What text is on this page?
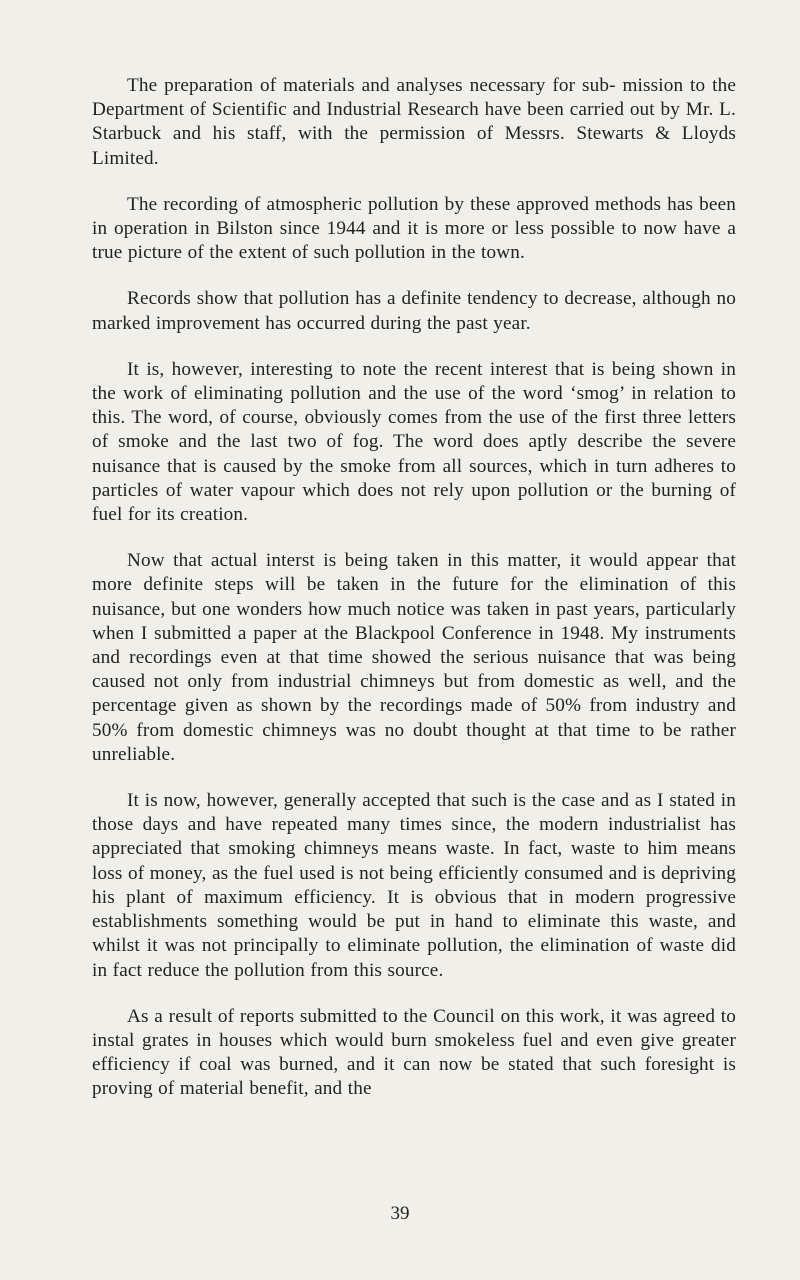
The preparation of materials and analyses necessary for sub- mission to the Department of Scientific and Industrial Research have been carried out by Mr. L. Starbuck and his staff, with the permission of Messrs. Stewarts & Lloyds Limited.

The recording of atmospheric pollution by these approved methods has been in operation in Bilston since 1944 and it is more or less possible to now have a true picture of the extent of such pollution in the town.

Records show that pollution has a definite tendency to decrease, although no marked improvement has occurred during the past year.

It is, however, interesting to note the recent interest that is being shown in the work of eliminating pollution and the use of the word ‘smog’ in relation to this. The word, of course, obviously comes from the use of the first three letters of smoke and the last two of fog. The word does aptly describe the severe nuisance that is caused by the smoke from all sources, which in turn adheres to particles of water vapour which does not rely upon pollution or the burning of fuel for its creation.

Now that actual interst is being taken in this matter, it would appear that more definite steps will be taken in the future for the elimination of this nuisance, but one wonders how much notice was taken in past years, particularly when I submitted a paper at the Blackpool Conference in 1948. My instruments and recordings even at that time showed the serious nuisance that was being caused not only from industrial chimneys but from domestic as well, and the percentage given as shown by the recordings made of 50% from industry and 50% from domestic chimneys was no doubt thought at that time to be rather unreliable.

It is now, however, generally accepted that such is the case and as I stated in those days and have repeated many times since, the modern industrialist has appreciated that smoking chimneys means waste. In fact, waste to him means loss of money, as the fuel used is not being efficiently consumed and is depriving his plant of maximum efficiency. It is obvious that in modern progressive establishments something would be put in hand to eliminate this waste, and whilst it was not principally to eliminate pollution, the elimination of waste did in fact reduce the pollution from this source.

As a result of reports submitted to the Council on this work, it was agreed to instal grates in houses which would burn smokeless fuel and even give greater efficiency if coal was burned, and it can now be stated that such foresight is proving of material benefit, and the

39
